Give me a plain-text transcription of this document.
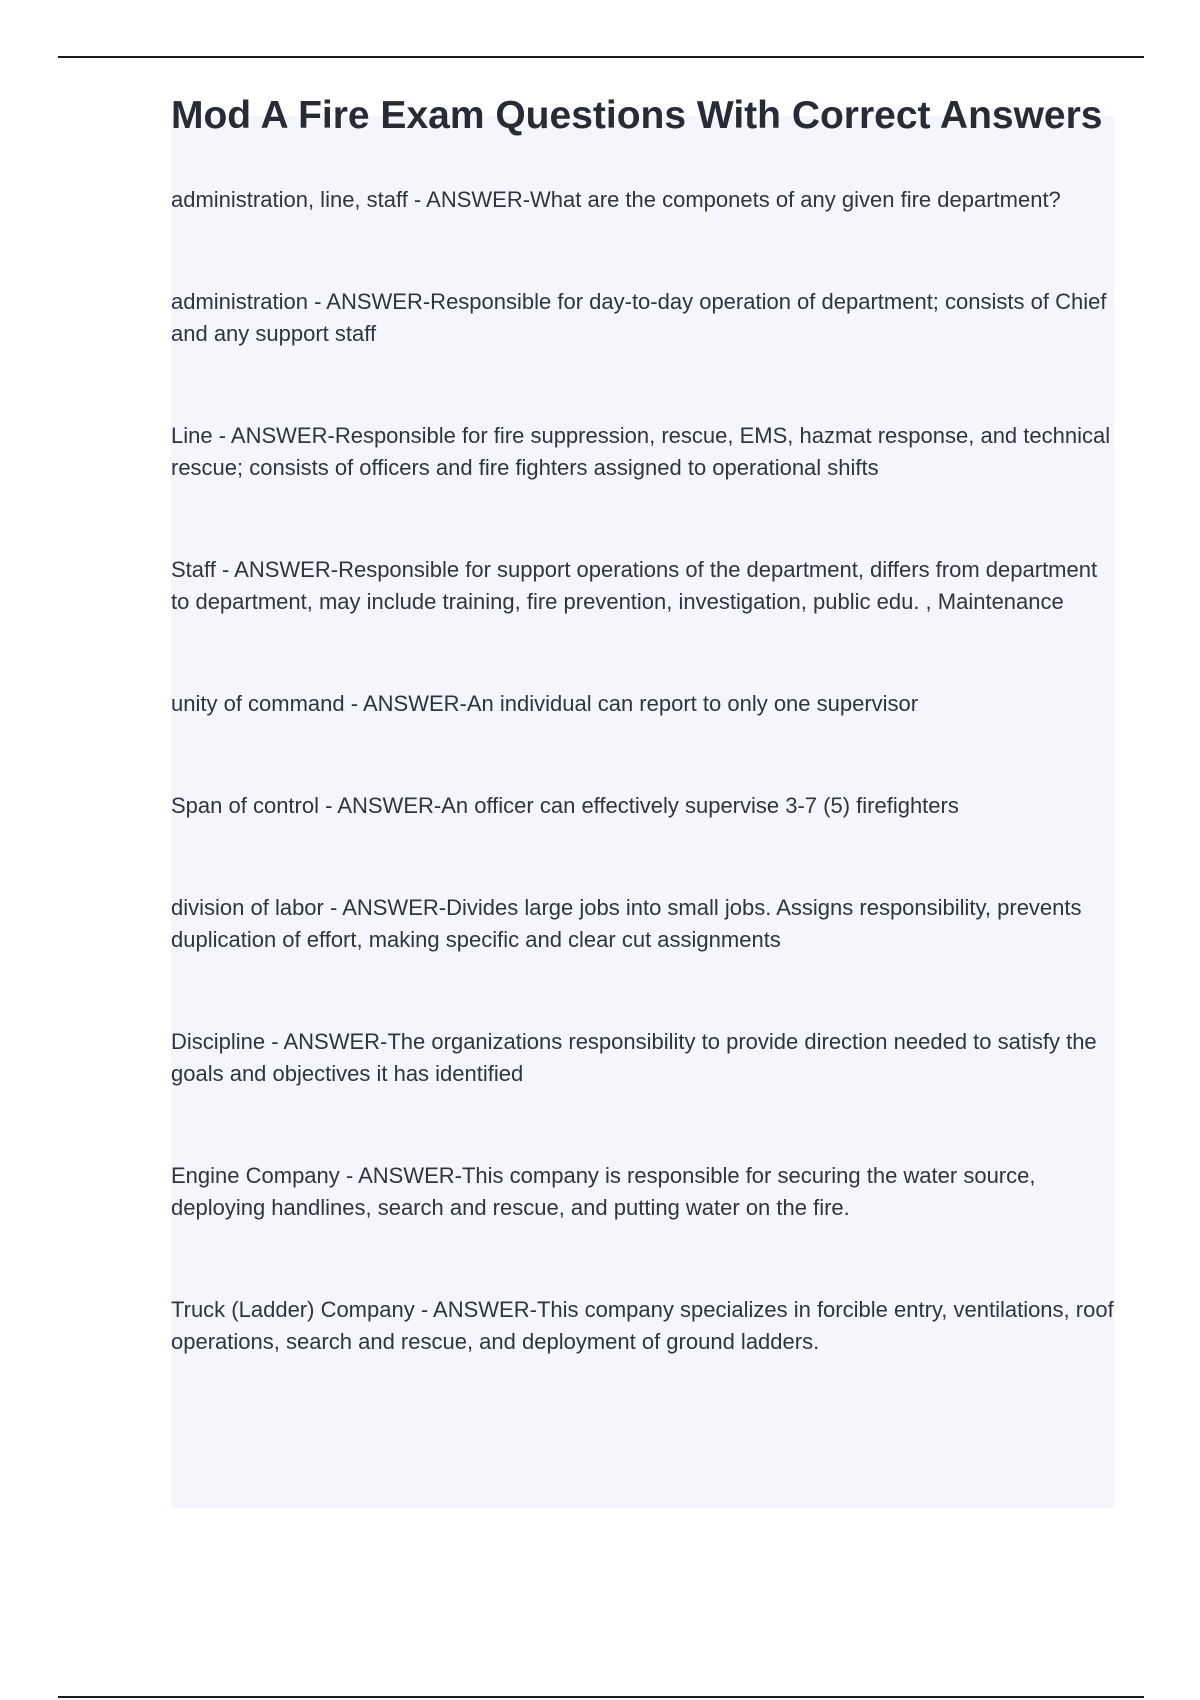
Mod A Fire Exam Questions With Correct Answers
administration, line, staff - ANSWER-What are the componets of any given fire department?
administration - ANSWER-Responsible for day-to-day operation of department; consists of Chief and any support staff
Line - ANSWER-Responsible for fire suppression, rescue, EMS, hazmat response, and technical rescue; consists of officers and fire fighters assigned to operational shifts
Staff - ANSWER-Responsible for support operations of the department, differs from department to department, may include training, fire prevention, investigation, public edu. , Maintenance
unity of command - ANSWER-An individual can report to only one supervisor
Span of control - ANSWER-An officer can effectively supervise 3-7 (5) firefighters
division of labor - ANSWER-Divides large jobs into small jobs. Assigns responsibility, prevents duplication of effort, making specific and clear cut assignments
Discipline - ANSWER-The organizations responsibility to provide direction needed to satisfy the goals and objectives it has identified
Engine Company - ANSWER-This company is responsible for securing the water source, deploying handlines, search and rescue, and putting water on the fire.
Truck (Ladder) Company - ANSWER-This company specializes in forcible entry, ventilations, roof operations, search and rescue, and deployment of ground ladders.
